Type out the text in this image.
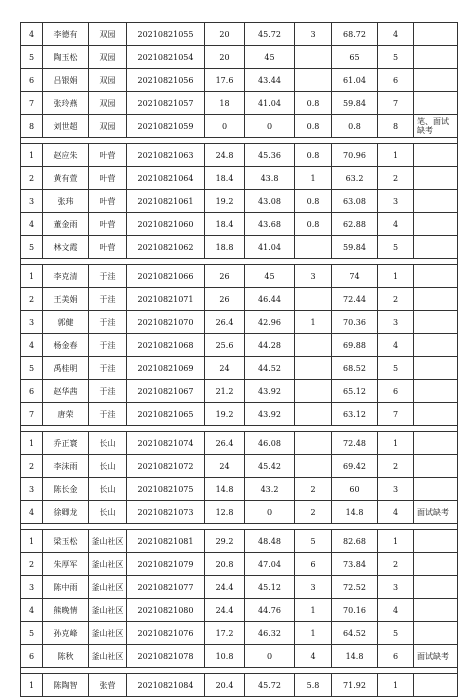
4	李德有	双园	20210821055	20	45.72	3	68.72	4	
5	陶玉松	双园	20210821054	20	45		65	5	
6	吕银娟	双园	20210821056	17.6	43.44		61.04	6	
7	张玲燕	双园	20210821057	18	41.04	0.8	59.84	7	
8	刘世超	双园	20210821059	0	0	0.8	0.8	8	笔、面试缺考

1	赵应朱	叶营	20210821063	24.8	45.36	0.8	70.96	1	
2	黄有萱	叶营	20210821064	18.4	43.8	1	63.2	2	
3	张玮	叶营	20210821061	19.2	43.08	0.8	63.08	3	
4	董金雨	叶营	20210821060	18.4	43.68	0.8	62.88	4	
5	林文霞	叶营	20210821062	18.8	41.04		59.84	5	

1	李克清	于洼	20210821066	26	45	3	74	1	
2	王美娟	于洼	20210821071	26	46.44		72.44	2	
3	郭健	于洼	20210821070	26.4	42.96	1	70.36	3	
4	杨金春	于洼	20210821068	25.6	44.28		69.88	4	
5	禹桂明	于洼	20210821069	24	44.52		68.52	5	
6	赵华茜	于洼	20210821067	21.2	43.92		65.12	6	
7	唐荣	于洼	20210821065	19.2	43.92		63.12	7	

1	乔正寰	长山	20210821074	26.4	46.08		72.48	1	
2	李沫雨	长山	20210821072	24	45.42		69.42	2	
3	陈长金	长山	20210821075	14.8	43.2	2	60	3	
4	徐卿龙	长山	20210821073	12.8	0	2	14.8	4	面试缺考

1	梁玉松	釜山社区	20210821081	29.2	48.48	5	82.68	1	
2	朱厚军	釜山社区	20210821079	20.8	47.04	6	73.84	2	
3	陈中雨	釜山社区	20210821077	24.4	45.12	3	72.52	3	
4	熊晚情	釜山社区	20210821080	24.4	44.76	1	70.16	4	
5	孙克峰	釜山社区	20210821076	17.2	46.32	1	64.52	5	
6	陈秋	釜山社区	20210821078	10.8	0	4	14.8	6	面试缺考

1	陈陶智	张营	20210821084	20.4	45.72	5.8	71.92	1	
